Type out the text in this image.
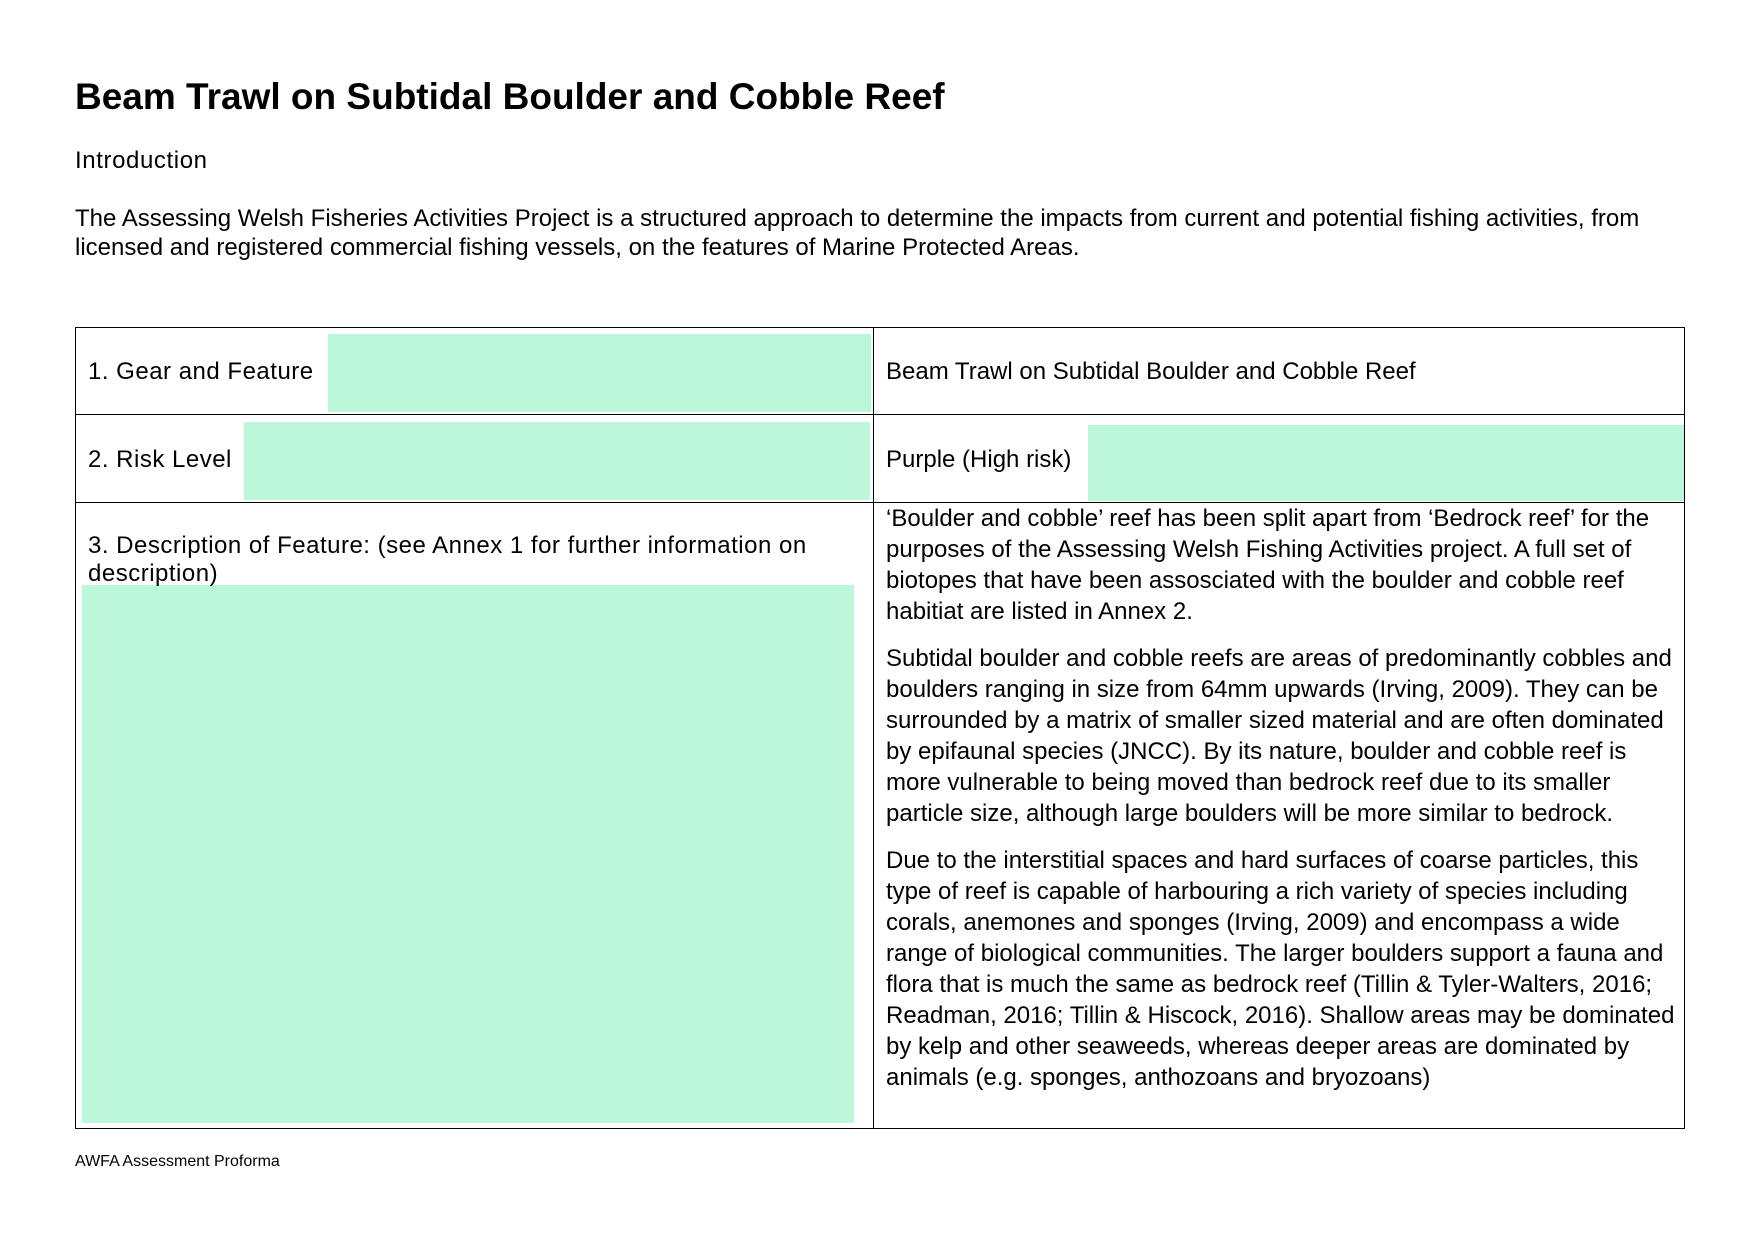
Beam Trawl on Subtidal Boulder and Cobble Reef
Introduction
The Assessing Welsh Fisheries Activities Project is a structured approach to determine the impacts from current and potential fishing activities, from licensed and registered commercial fishing vessels, on the features of Marine Protected Areas.
1. Gear and Feature	Beam Trawl on Subtidal Boulder and Cobble Reef
2. Risk Level	Purple (High risk)
3. Description of Feature: (see Annex 1 for further information on description)

‘Boulder and cobble’ reef has been split apart from ‘Bedrock reef’ for the purposes of the Assessing Welsh Fishing Activities project. A full set of biotopes that have been assosciated with the boulder and cobble reef habitiat are listed in Annex 2.

Subtidal boulder and cobble reefs are areas of predominantly cobbles and boulders ranging in size from 64mm upwards (Irving, 2009). They can be surrounded by a matrix of smaller sized material and are often dominated by epifaunal species (JNCC). By its nature, boulder and cobble reef is more vulnerable to being moved than bedrock reef due to its smaller particle size, although large boulders will be more similar to bedrock.

Due to the interstitial spaces and hard surfaces of coarse particles, this type of reef is capable of harbouring a rich variety of species including corals, anemones and sponges (Irving, 2009) and encompass a wide range of biological communities. The larger boulders support a fauna and flora that is much the same as bedrock reef (Tillin & Tyler-Walters, 2016; Readman, 2016; Tillin & Hiscock, 2016). Shallow areas may be dominated by kelp and other seaweeds, whereas deeper areas are dominated by animals (e.g. sponges, anthozoans and bryozoans)

AWFA Assessment Proforma
